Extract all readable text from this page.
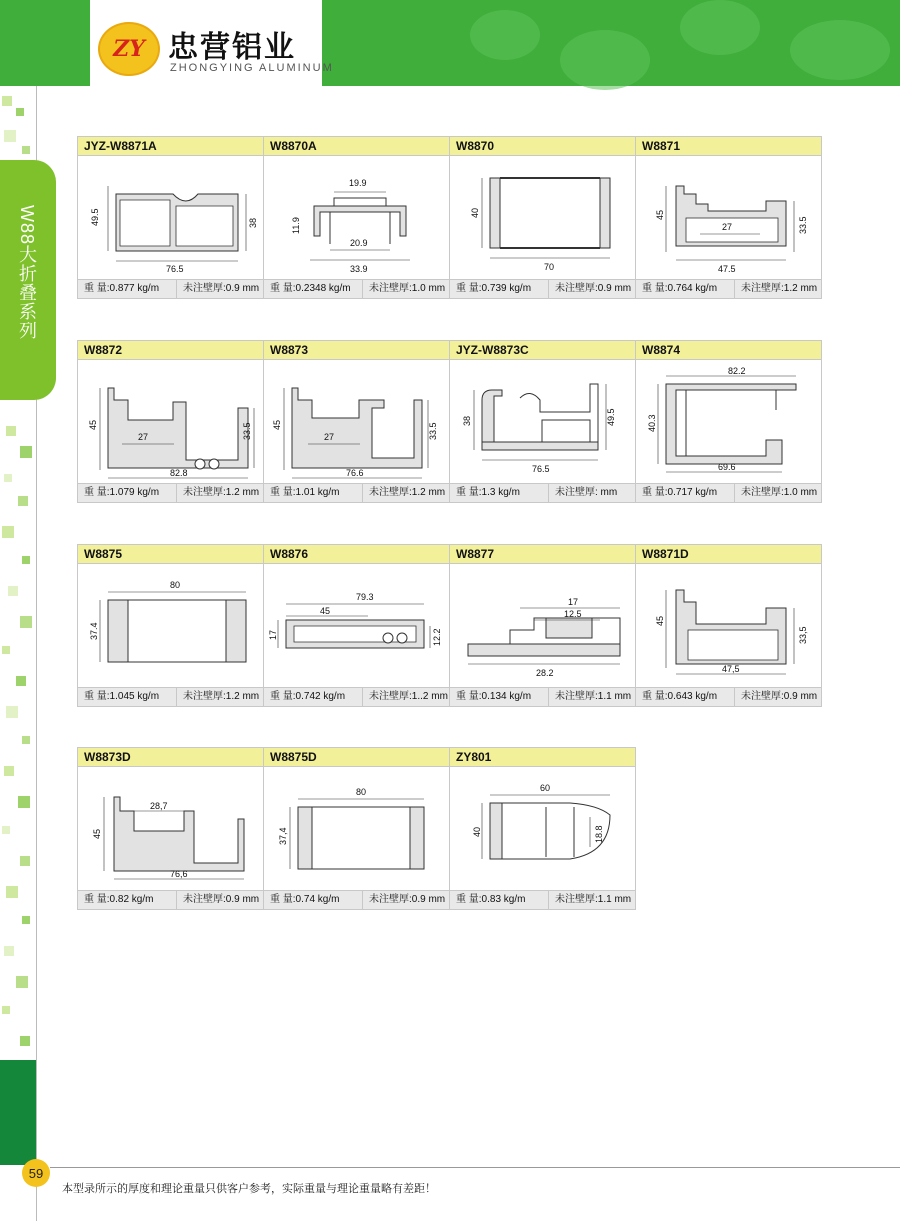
ZY 忠营铝业
ZHONGYING ALUMINUM
W88大折叠系列
JYZ-W8871A
49.5
76.5
38
重 量:0.877 kg/m	未注壁厚:0.9 mm
W8870A
19.9
11.9
20.9
33.9
重 量:0.2348 kg/m	未注壁厚:1.0 mm
W8870
40
70
重 量:0.739 kg/m	未注壁厚:0.9 mm
W8871
45
27	33.5
47.5
重 量:0.764 kg/m	未注壁厚:1.2 mm
W8872
45
27	33.5
82.8
重 量:1.079 kg/m	未注壁厚:1.2 mm
W8873
45
27	33.5
76.6
重 量:1.01 kg/m	未注壁厚:1.2 mm
JYZ-W8873C
38	49.5
76.5
重 量:1.3 kg/m	未注壁厚: mm
W8874
82.2
40.3
69.6
重 量:0.717 kg/m	未注壁厚:1.0 mm
W8875
80
37.4
重 量:1.045 kg/m	未注壁厚:1.2 mm
W8876
79.3
45
17	12.2
重 量:0.742 kg/m	未注壁厚:1..2 mm
W8877
17
12.5
28.2
重 量:0.134 kg/m	未注壁厚:1.1 mm
W8871D
45
33,5
47,5
重 量:0.643 kg/m	未注壁厚:0.9 mm
W8873D
28,7
45
76,6
重 量:0.82 kg/m	未注壁厚:0.9 mm
W8875D
80
37,4
重 量:0.74 kg/m	未注壁厚:0.9 mm
ZY801
60
40	18.8
重 量:0.83 kg/m	未注壁厚:1.1 mm
59
本型录所示的厚度和理论重量只供客户参考，实际重量与理论重量略有差距！
